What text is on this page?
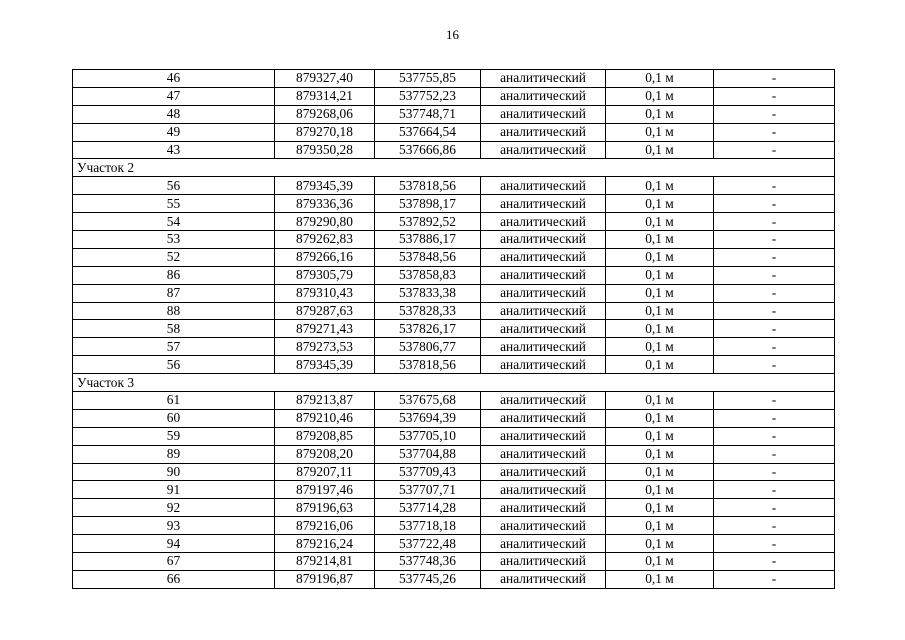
16
46	879327,40	537755,85	аналитический	0,1 м	-
47	879314,21	537752,23	аналитический	0,1 м	-
48	879268,06	537748,71	аналитический	0,1 м	-
49	879270,18	537664,54	аналитический	0,1 м	-
43	879350,28	537666,86	аналитический	0,1 м	-
Участок 2					
56	879345,39	537818,56	аналитический	0,1 м	-
55	879336,36	537898,17	аналитический	0,1 м	-
54	879290,80	537892,52	аналитический	0,1 м	-
53	879262,83	537886,17	аналитический	0,1 м	-
52	879266,16	537848,56	аналитический	0,1 м	-
86	879305,79	537858,83	аналитический	0,1 м	-
87	879310,43	537833,38	аналитический	0,1 м	-
88	879287,63	537828,33	аналитический	0,1 м	-
58	879271,43	537826,17	аналитический	0,1 м	-
57	879273,53	537806,77	аналитический	0,1 м	-
56	879345,39	537818,56	аналитический	0,1 м	-
Участок 3					
61	879213,87	537675,68	аналитический	0,1 м	-
60	879210,46	537694,39	аналитический	0,1 м	-
59	879208,85	537705,10	аналитический	0,1 м	-
89	879208,20	537704,88	аналитический	0,1 м	-
90	879207,11	537709,43	аналитический	0,1 м	-
91	879197,46	537707,71	аналитический	0,1 м	-
92	879196,63	537714,28	аналитический	0,1 м	-
93	879216,06	537718,18	аналитический	0,1 м	-
94	879216,24	537722,48	аналитический	0,1 м	-
67	879214,81	537748,36	аналитический	0,1 м	-
66	879196,87	537745,26	аналитический	0,1 м	-
